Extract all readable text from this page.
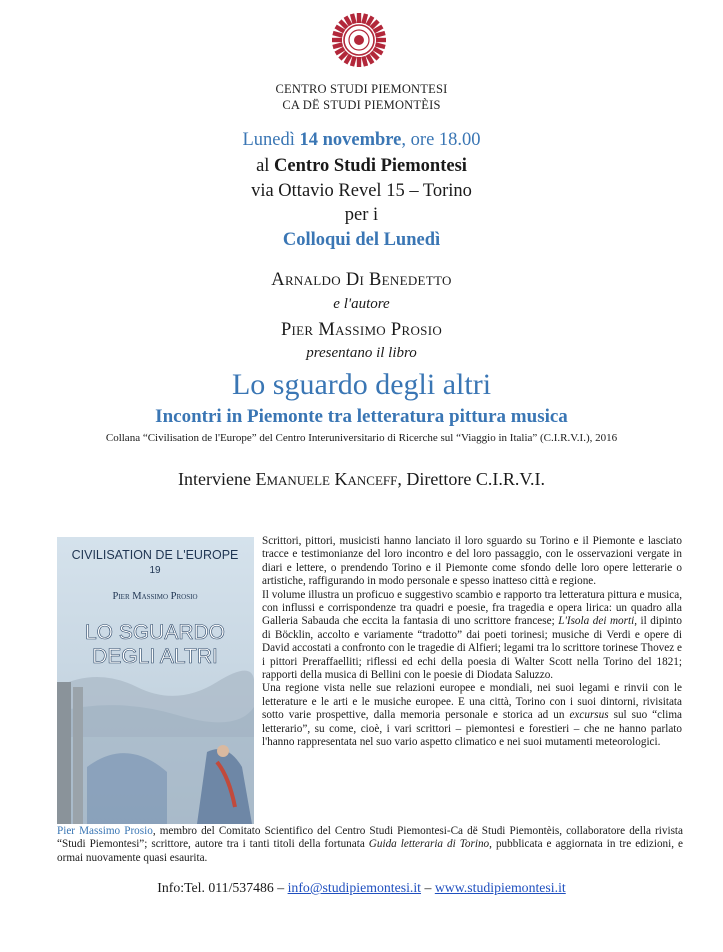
CENTRO STUDI PIEMONTESI
CA DË STUDI PIEMONTÈIS
Lunedì 14 novembre, ore 18.00
al Centro Studi Piemontesi
via Ottavio Revel 15 – Torino
per i
Colloqui del Lunedì
Arnaldo Di Benedetto
e l'autore
Pier Massimo Prosio
presentano il libro
Lo sguardo degli altri
Incontri in Piemonte tra letteratura pittura musica
Collana “Civilisation de l'Europe” del Centro Interuniversitario di Ricerche sul “Viaggio in Italia” (C.I.R.V.I.), 2016
Interviene Emanuele Kanceff, Direttore C.I.R.V.I.
CIVILISATION DE L'EUROPE
19
Pier Massimo Prosio
LO SGUARDO
DEGLI ALTRI

Scrittori, pittori, musicisti hanno lanciato il loro sguardo su Torino e il Piemonte e lasciato tracce e testimonianze del loro incontro e del loro passaggio, con le osservazioni vergate in diari e lettere, o prendendo Torino e il Piemonte come sfondo delle loro opere letterarie o artistiche, raffigurando in modo personale e spesso inatteso città e regione.

Il volume illustra un proficuo e suggestivo scambio e rapporto tra letteratura pittura e musica, con influssi e corrispondenze tra quadri e poesie, fra tragedia e opera lirica: un quadro alla Galleria Sabauda che eccita la fantasia di uno scrittore francese; L'Isola dei morti, il dipinto di Böcklin, accolto e variamente “tradotto” dai poeti torinesi; musiche di Verdi e opere di David accostati a confronto con le tragedie di Alfieri; legami tra lo scrittore torinese Thovez e i pittori Preraffaelliti; riflessi ed echi della poesia di Walter Scott nella Torino del 1821; rapporti della musica di Bellini con le poesie di Diodata Saluzzo.

Una regione vista nelle sue relazioni europee e mondiali, nei suoi legami e rinvii con le letterature e le arti e le musiche europee. E una città, Torino con i suoi dintorni, rivisitata sotto varie prospettive, dalla memoria personale e storica ad un excursus sul suo “clima letterario”, su come, cioè, i vari scrittori – piemontesi e forestieri – che ne hanno parlato l'hanno rappresentata nel suo vario aspetto climatico e nei suoi mutamenti meteorologici.

Pier Massimo Prosio, membro del Comitato Scientifico del Centro Studi Piemontesi-Ca dë Studi Piemontèis, collaboratore della rivista “Studi Piemontesi”; scrittore, autore tra i tanti titoli della fortunata Guida letteraria di Torino, pubblicata e aggiornata in tre edizioni, e ormai nuovamente quasi esaurita.
Info:Tel. 011/537486 – info@studipiemontesi.it – www.studipiemontesi.it
